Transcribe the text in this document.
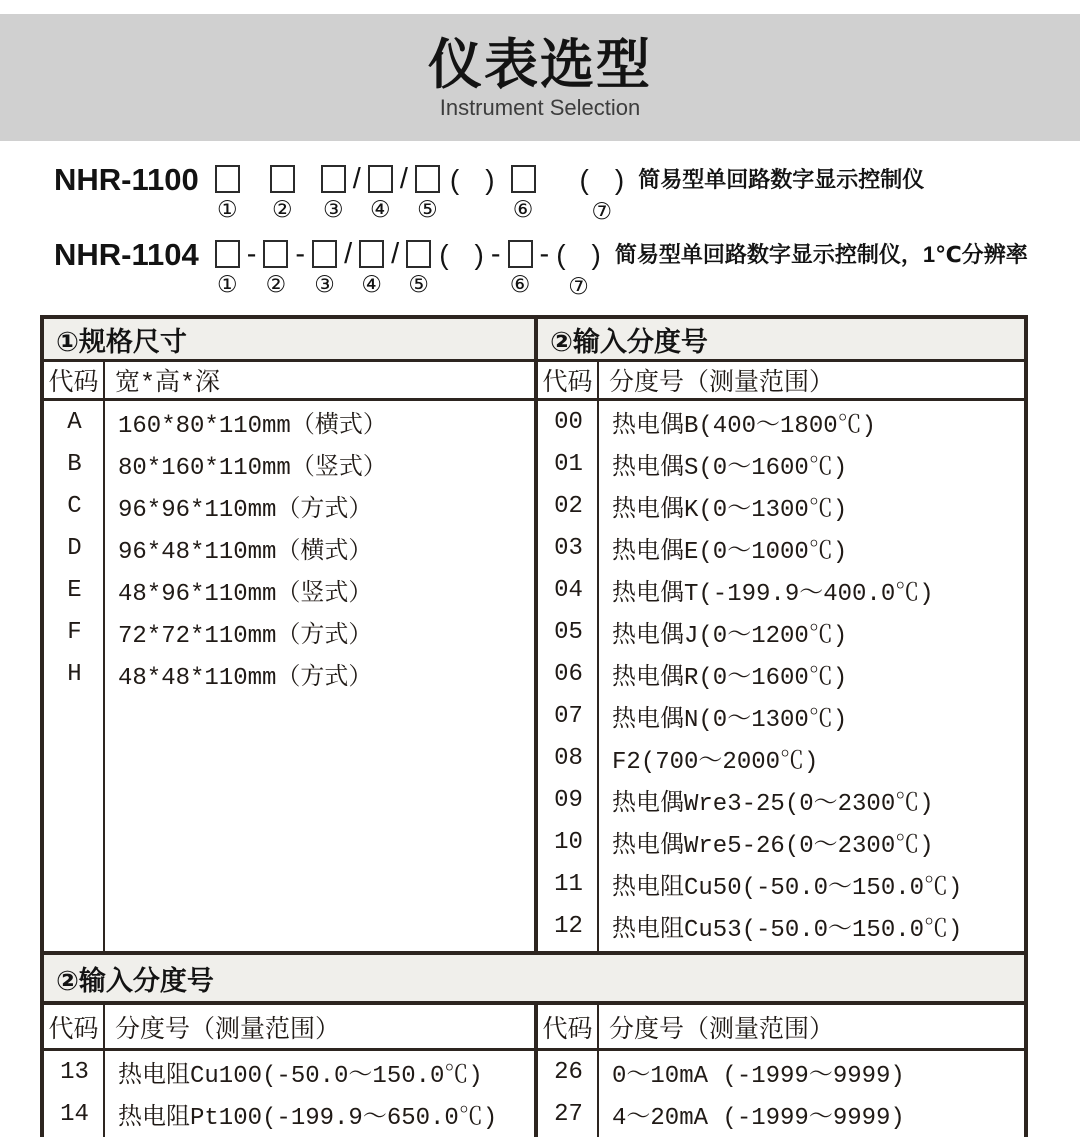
仪表选型
Instrument Selection
NHR-1100
① ② ③
/
④
/
⑤
( )
⑥
( )
⑦
简易型单回路数字显示控制仪
NHR-1104
①
-
②
-
③
/
④
/
⑤
( ) -
⑥
- ( )
⑦
简易型单回路数字显示控制仪，1℃分辨率
①规格尺寸
代码 宽*高*深
A	160*80*110mm（横式）
B	80*160*110mm（竖式）
C	96*96*110mm（方式）
D	96*48*110mm（横式）
E	48*96*110mm（竖式）
F	72*72*110mm（方式）
H	48*48*110mm（方式）
②输入分度号
代码 分度号（测量范围）
00	热电偶B(400～1800℃)
01	热电偶S(0～1600℃)
02	热电偶K(0～1300℃)
03	热电偶E(0～1000℃)
04	热电偶T(-199.9～400.0℃)
05	热电偶J(0～1200℃)
06	热电偶R(0～1600℃)
07	热电偶N(0～1300℃)
08	F2(700～2000℃)
09	热电偶Wre3-25(0～2300℃)
10	热电偶Wre5-26(0～2300℃)
11	热电阻Cu50(-50.0～150.0℃)
12	热电阻Cu53(-50.0～150.0℃)
②输入分度号
代码 分度号（测量范围）
13	热电阻Cu100(-50.0～150.0℃)
14	热电阻Pt100(-199.9～650.0℃)
代码 分度号（测量范围）
26	0～10mA (-1999～9999)
27	4～20mA (-1999～9999)
